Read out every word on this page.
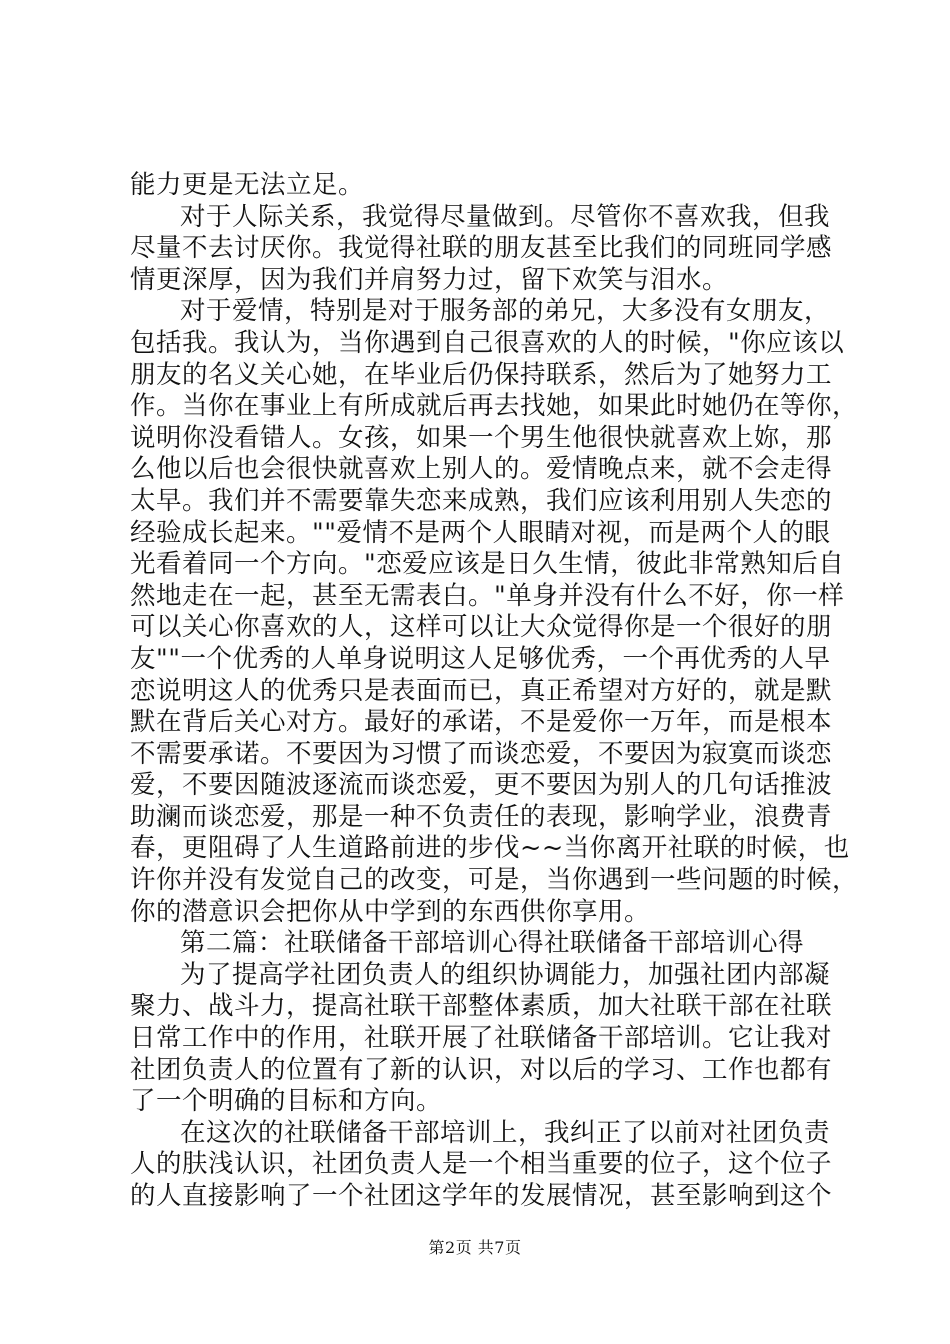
能力更是无法立足。
对于人际关系，我觉得尽量做到。尽管你不喜欢我，但我
尽量不去讨厌你。我觉得社联的朋友甚至比我们的同班同学感
情更深厚，因为我们并肩努力过，留下欢笑与泪水。
对于爱情，特别是对于服务部的弟兄，大多没有女朋友，
包括我。我认为，当你遇到自己很喜欢的人的时候，"你应该以
朋友的名义关心她，在毕业后仍保持联系，然后为了她努力工
作。当你在事业上有所成就后再去找她，如果此时她仍在等你，
说明你没看错人。女孩，如果一个男生他很快就喜欢上妳，那
么他以后也会很快就喜欢上别人的。爱情晚点来，就不会走得
太早。我们并不需要靠失恋来成熟，我们应该利用别人失恋的
经验成长起来。""爱情不是两个人眼睛对视，而是两个人的眼
光看着同一个方向。"恋爱应该是日久生情，彼此非常熟知后自
然地走在一起，甚至无需表白。"单身并没有什么不好，你一样
可以关心你喜欢的人，这样可以让大众觉得你是一个很好的朋
友""一个优秀的人单身说明这人足够优秀，一个再优秀的人早
恋说明这人的优秀只是表面而已，真正希望对方好的，就是默
默在背后关心对方。最好的承诺，不是爱你一万年，而是根本
不需要承诺。不要因为习惯了而谈恋爱，不要因为寂寞而谈恋
爱，不要因随波逐流而谈恋爱，更不要因为别人的几句话推波
助澜而谈恋爱，那是一种不负责任的表现，影响学业，浪费青
春，更阻碍了人生道路前进的步伐~~当你离开社联的时候，也
许你并没有发觉自己的改变，可是，当你遇到一些问题的时候，
你的潜意识会把你从中学到的东西供你享用。
第二篇：社联储备干部培训心得社联储备干部培训心得
为了提高学社团负责人的组织协调能力，加强社团内部凝
聚力、战斗力，提高社联干部整体素质，加大社联干部在社联
日常工作中的作用，社联开展了社联储备干部培训。它让我对
社团负责人的位置有了新的认识，对以后的学习、工作也都有
了一个明确的目标和方向。
在这次的社联储备干部培训上，我纠正了以前对社团负责
人的肤浅认识，社团负责人是一个相当重要的位子，这个位子
的人直接影响了一个社团这学年的发展情况，甚至影响到这个
第2页 共7页
